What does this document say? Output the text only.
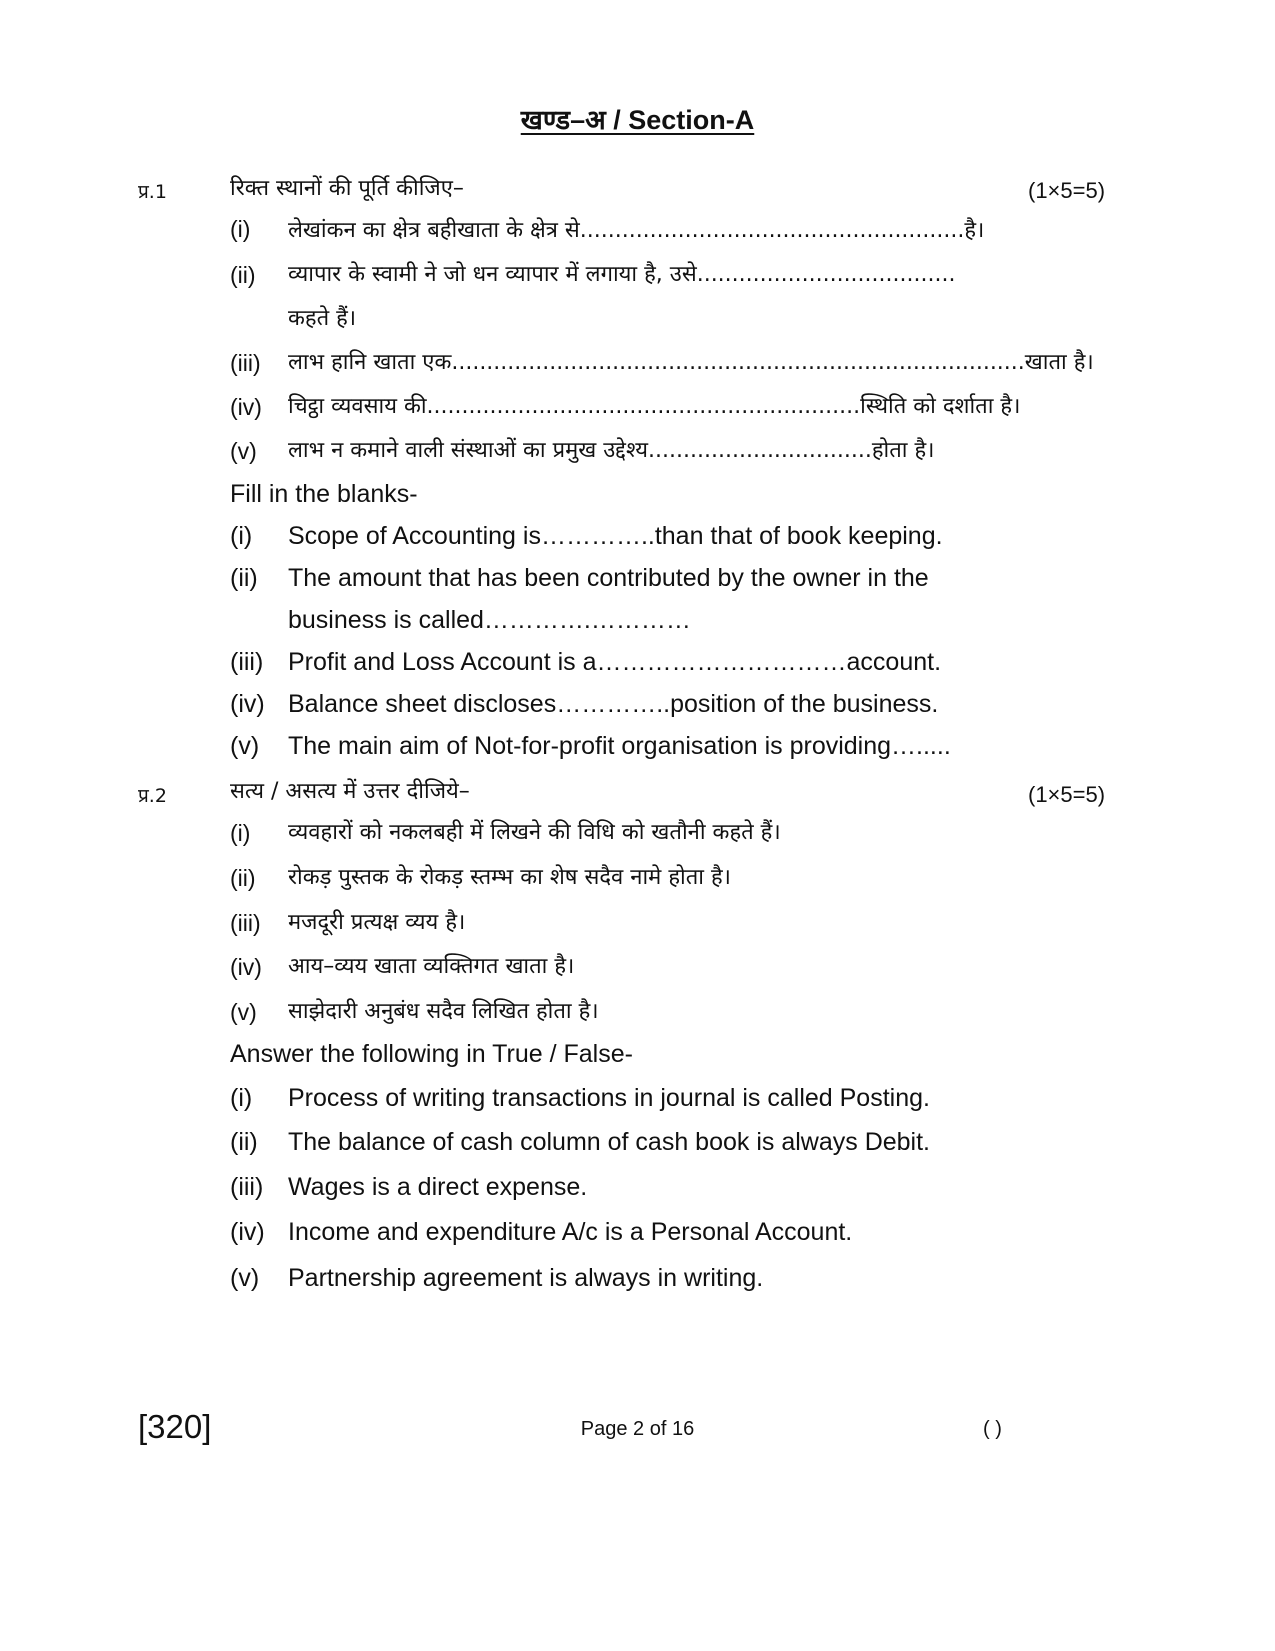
खण्ड–अ / Section-A
प्र.1	रिक्त स्थानों की पूर्ति कीजिए–	(1×5=5)
(i) लेखांकन का क्षेत्र बहीखाता के क्षेत्र से.......................................................है।
(ii) व्यापार के स्वामी ने जो धन व्यापार में लगाया है, उसे.....................................
कहते हैं।
(iii) लाभ हानि खाता एक..................................................................................खाता है।
(iv) चिट्ठा व्यवसाय की..............................................................स्थिति को दर्शाता है।
(v) लाभ न कमाने वाली संस्थाओं का प्रमुख उद्देश्य................................होता है।
Fill in the blanks-
(i) Scope of Accounting is…………..than that of book keeping.
(ii) The amount that has been contributed by the owner in the
business is called………….…………
(iii) Profit and Loss Account is a…………………………account.
(iv) Balance sheet discloses…………..position of the business.
(v) The main aim of Not-for-profit organisation is providing….....
प्र.2	सत्य / असत्य में उत्तर दीजिये–	(1×5=5)
(i) व्यवहारों को नकलबही में लिखने की विधि को खतौनी कहते हैं।
(ii) रोकड़ पुस्तक के रोकड़ स्तम्भ का शेष सदैव नामे होता है।
(iii) मजदूरी प्रत्यक्ष व्यय है।
(iv) आय–व्यय खाता व्यक्तिगत खाता है।
(v) साझेदारी अनुबंध सदैव लिखित होता है।
Answer the following in True / False-
(i) Process of writing transactions in journal is called Posting.
(ii) The balance of cash column of cash book is always Debit.
(iii) Wages is a direct expense.
(iv) Income and expenditure A/c is a Personal Account.
(v) Partnership agreement is always in writing.
[320]	Page 2 of 16	( )
